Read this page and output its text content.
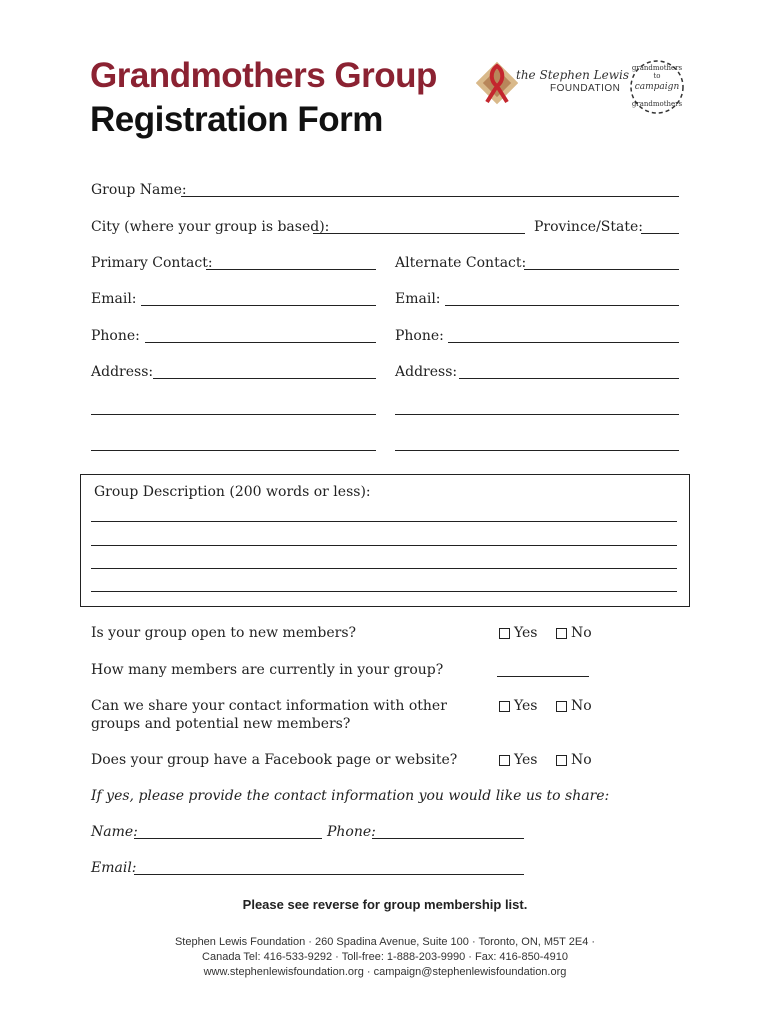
Grandmothers Group
Registration Form
the Stephen Lewis
FOUNDATION
grandmothers to
campaign
grandmothers
Group Name:
City (where your group is based):	Province/State:
Primary Contact:	Alternate Contact:
Email:	Email:
Phone:	Phone:
Address:	Address:
Group Description (200 words or less):
Is your group open to new members?	Yes No
How many members are currently in your group?
Can we share your contact information with other
groups and potential new members?
Yes No
Does your group have a Facebook page or website?	Yes No
If yes, please provide the contact information you would like us to share:
Name:	Phone:
Email:
Please see reverse for group membership list.
Stephen Lewis Foundation · 260 Spadina Avenue, Suite 100 · Toronto, ON, M5T 2E4 ·
Canada Tel: 416-533-9292 · Toll-free: 1-888-203-9990 · Fax: 416-850-4910
www.stephenlewisfoundation.org · campaign@stephenlewisfoundation.org
